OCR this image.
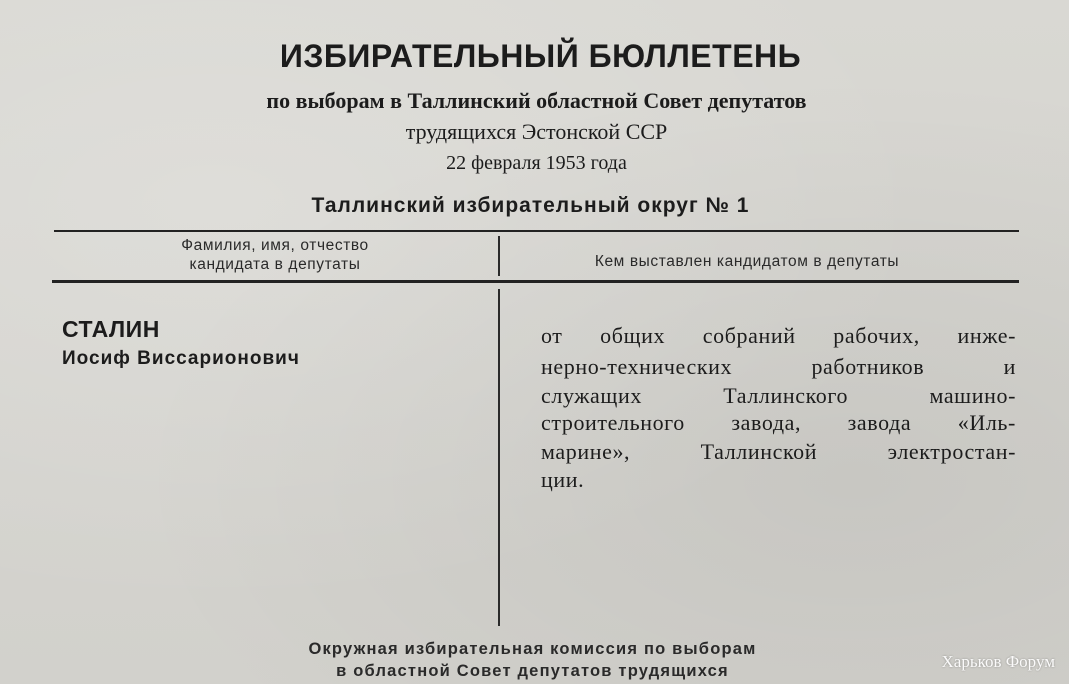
ИЗБИРАТЕЛЬНЫЙ БЮЛЛЕТЕНЬ
по выборам в Таллинский областной Совет депутатов
трудящихся Эстонской ССР
22 февраля 1953 года
Таллинский избирательный округ № 1
Фамилия, имя, отчество
кандидата в депутаты	Кем выставлен кандидатом в депутаты
СТАЛИН
Иосиф Виссарионович
от общих собраний рабочих, инже-
нерно-технических работников и
служащих Таллинского машино-
строительного завода, завода «Иль-
маринe», Таллинской электростан-
ции.
Окружная избирательная комиссия по выборам
в областной Совет депутатов трудящихся	Харьков Форум
